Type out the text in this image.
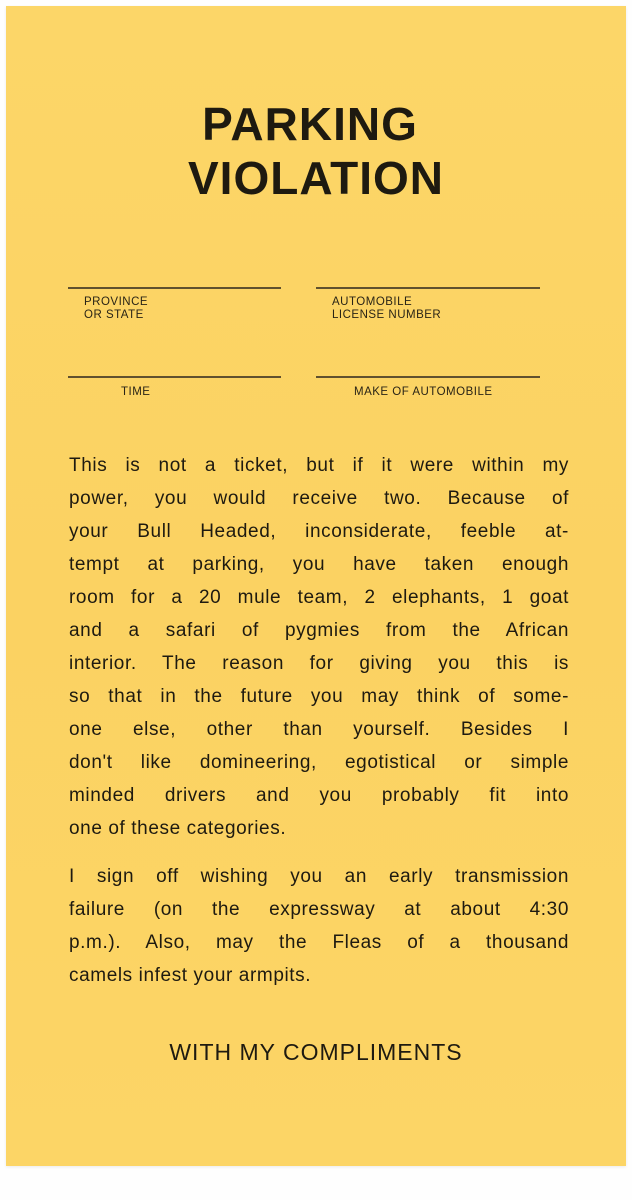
PARKING
VIOLATION
PROVINCE
OR STATE
AUTOMOBILE
LICENSE NUMBER
TIME	MAKE OF AUTOMOBILE
This is not a ticket, but if it were within my
power, you would receive two. Because of
your Bull Headed, inconsiderate, feeble at-
tempt at parking, you have taken enough
room for a 20 mule team, 2 elephants, 1 goat
and a safari of pygmies from the African
interior. The reason for giving you this is
so that in the future you may think of some-
one else, other than yourself. Besides I
don't like domineering, egotistical or simple
minded drivers and you probably fit into
one of these categories.
I sign off wishing you an early transmission
failure (on the expressway at about 4:30
p.m.). Also, may the Fleas of a thousand
camels infest your armpits.
WITH MY COMPLIMENTS
